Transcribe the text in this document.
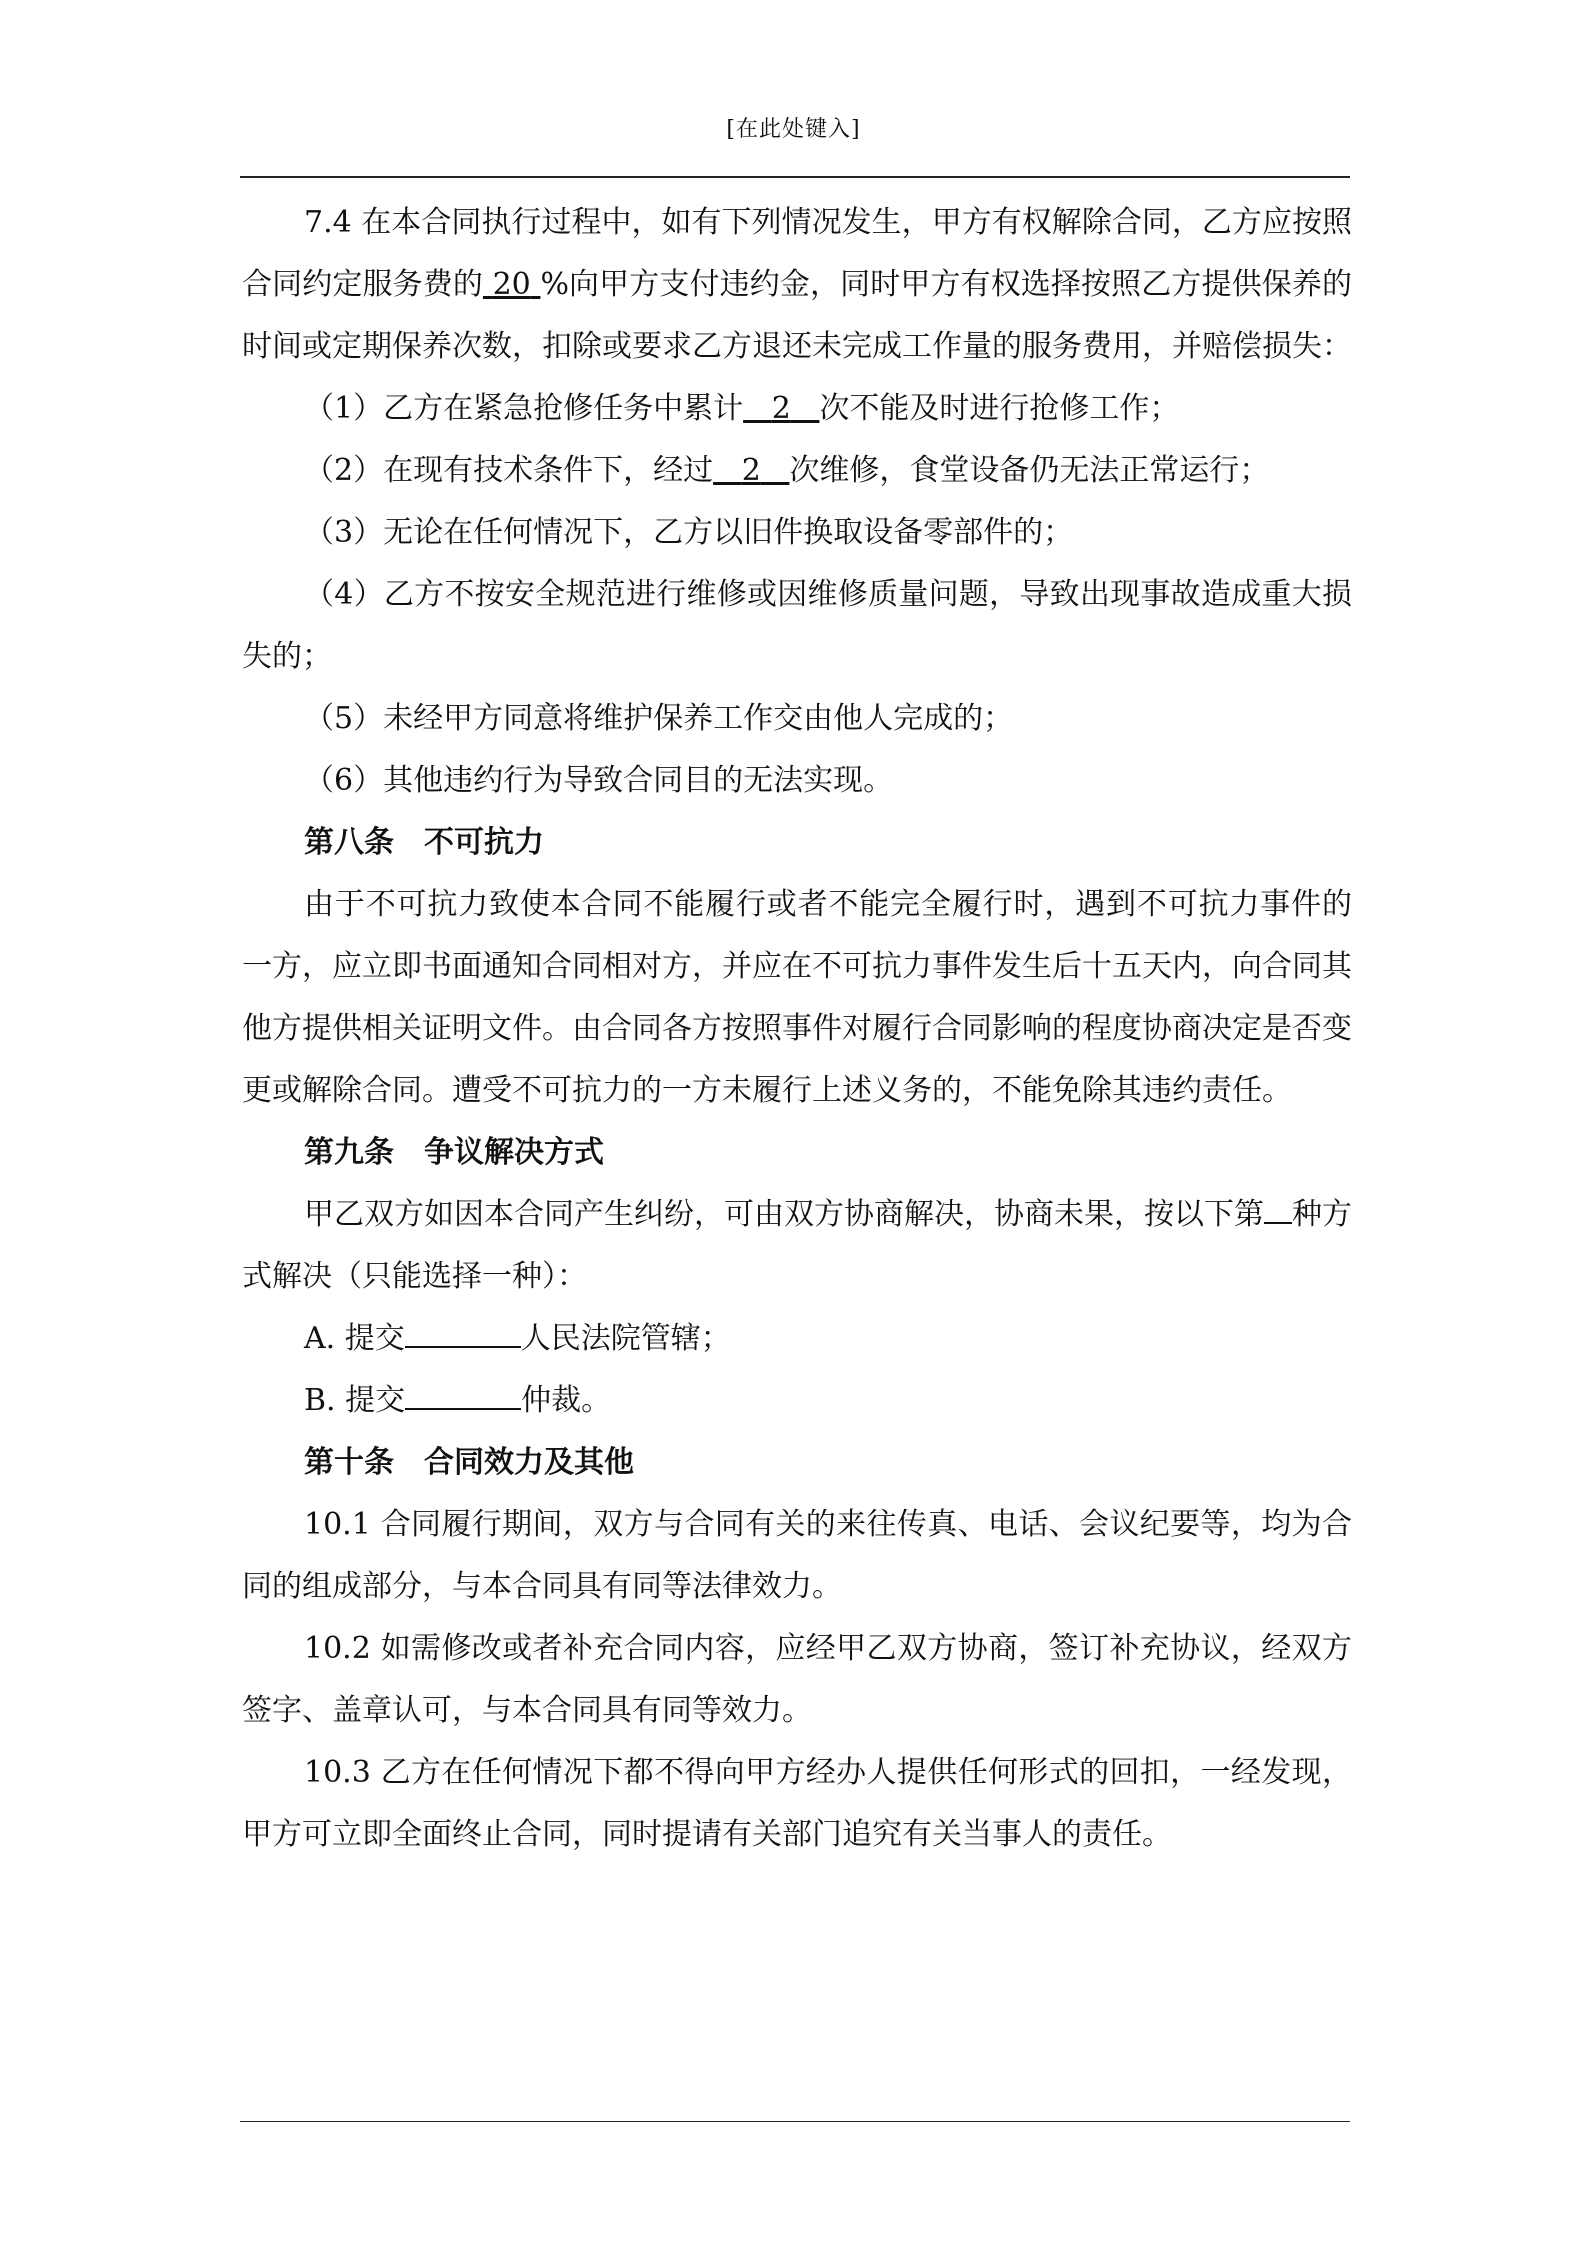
[在此处键入]

7.4 在本合同执行过程中，如有下列情况发生，甲方有权解除合同，乙方应按照合同约定服务费的 20 %向甲方支付违约金，同时甲方有权选择按照乙方提供保养的时间或定期保养次数，扣除或要求乙方退还未完成工作量的服务费用，并赔偿损失：

（1）乙方在紧急抢修任务中累计 2 次不能及时进行抢修工作；

（2）在现有技术条件下，经过 2 次维修，食堂设备仍无法正常运行；

（3）无论在任何情况下，乙方以旧件换取设备零部件的；

（4）乙方不按安全规范进行维修或因维修质量问题，导致出现事故造成重大损失的；

（5）未经甲方同意将维护保养工作交由他人完成的；

（6）其他违约行为导致合同目的无法实现。

第八条　不可抗力

由于不可抗力致使本合同不能履行或者不能完全履行时，遇到不可抗力事件的一方，应立即书面通知合同相对方，并应在不可抗力事件发生后十五天内，向合同其他方提供相关证明文件。由合同各方按照事件对履行合同影响的程度协商决定是否变更或解除合同。遭受不可抗力的一方未履行上述义务的，不能免除其违约责任。

第九条　争议解决方式

甲乙双方如因本合同产生纠纷，可由双方协商解决，协商未果，按以下第 种方式解决（只能选择一种）：

A. 提交	人民法院管辖；

B. 提交	仲裁。

第十条　合同效力及其他

10.1 合同履行期间，双方与合同有关的来往传真、电话、会议纪要等，均为合同的组成部分，与本合同具有同等法律效力。

10.2 如需修改或者补充合同内容，应经甲乙双方协商，签订补充协议，经双方签字、盖章认可，与本合同具有同等效力。

10.3 乙方在任何情况下都不得向甲方经办人提供任何形式的回扣，一经发现，甲方可立即全面终止合同，同时提请有关部门追究有关当事人的责任。
